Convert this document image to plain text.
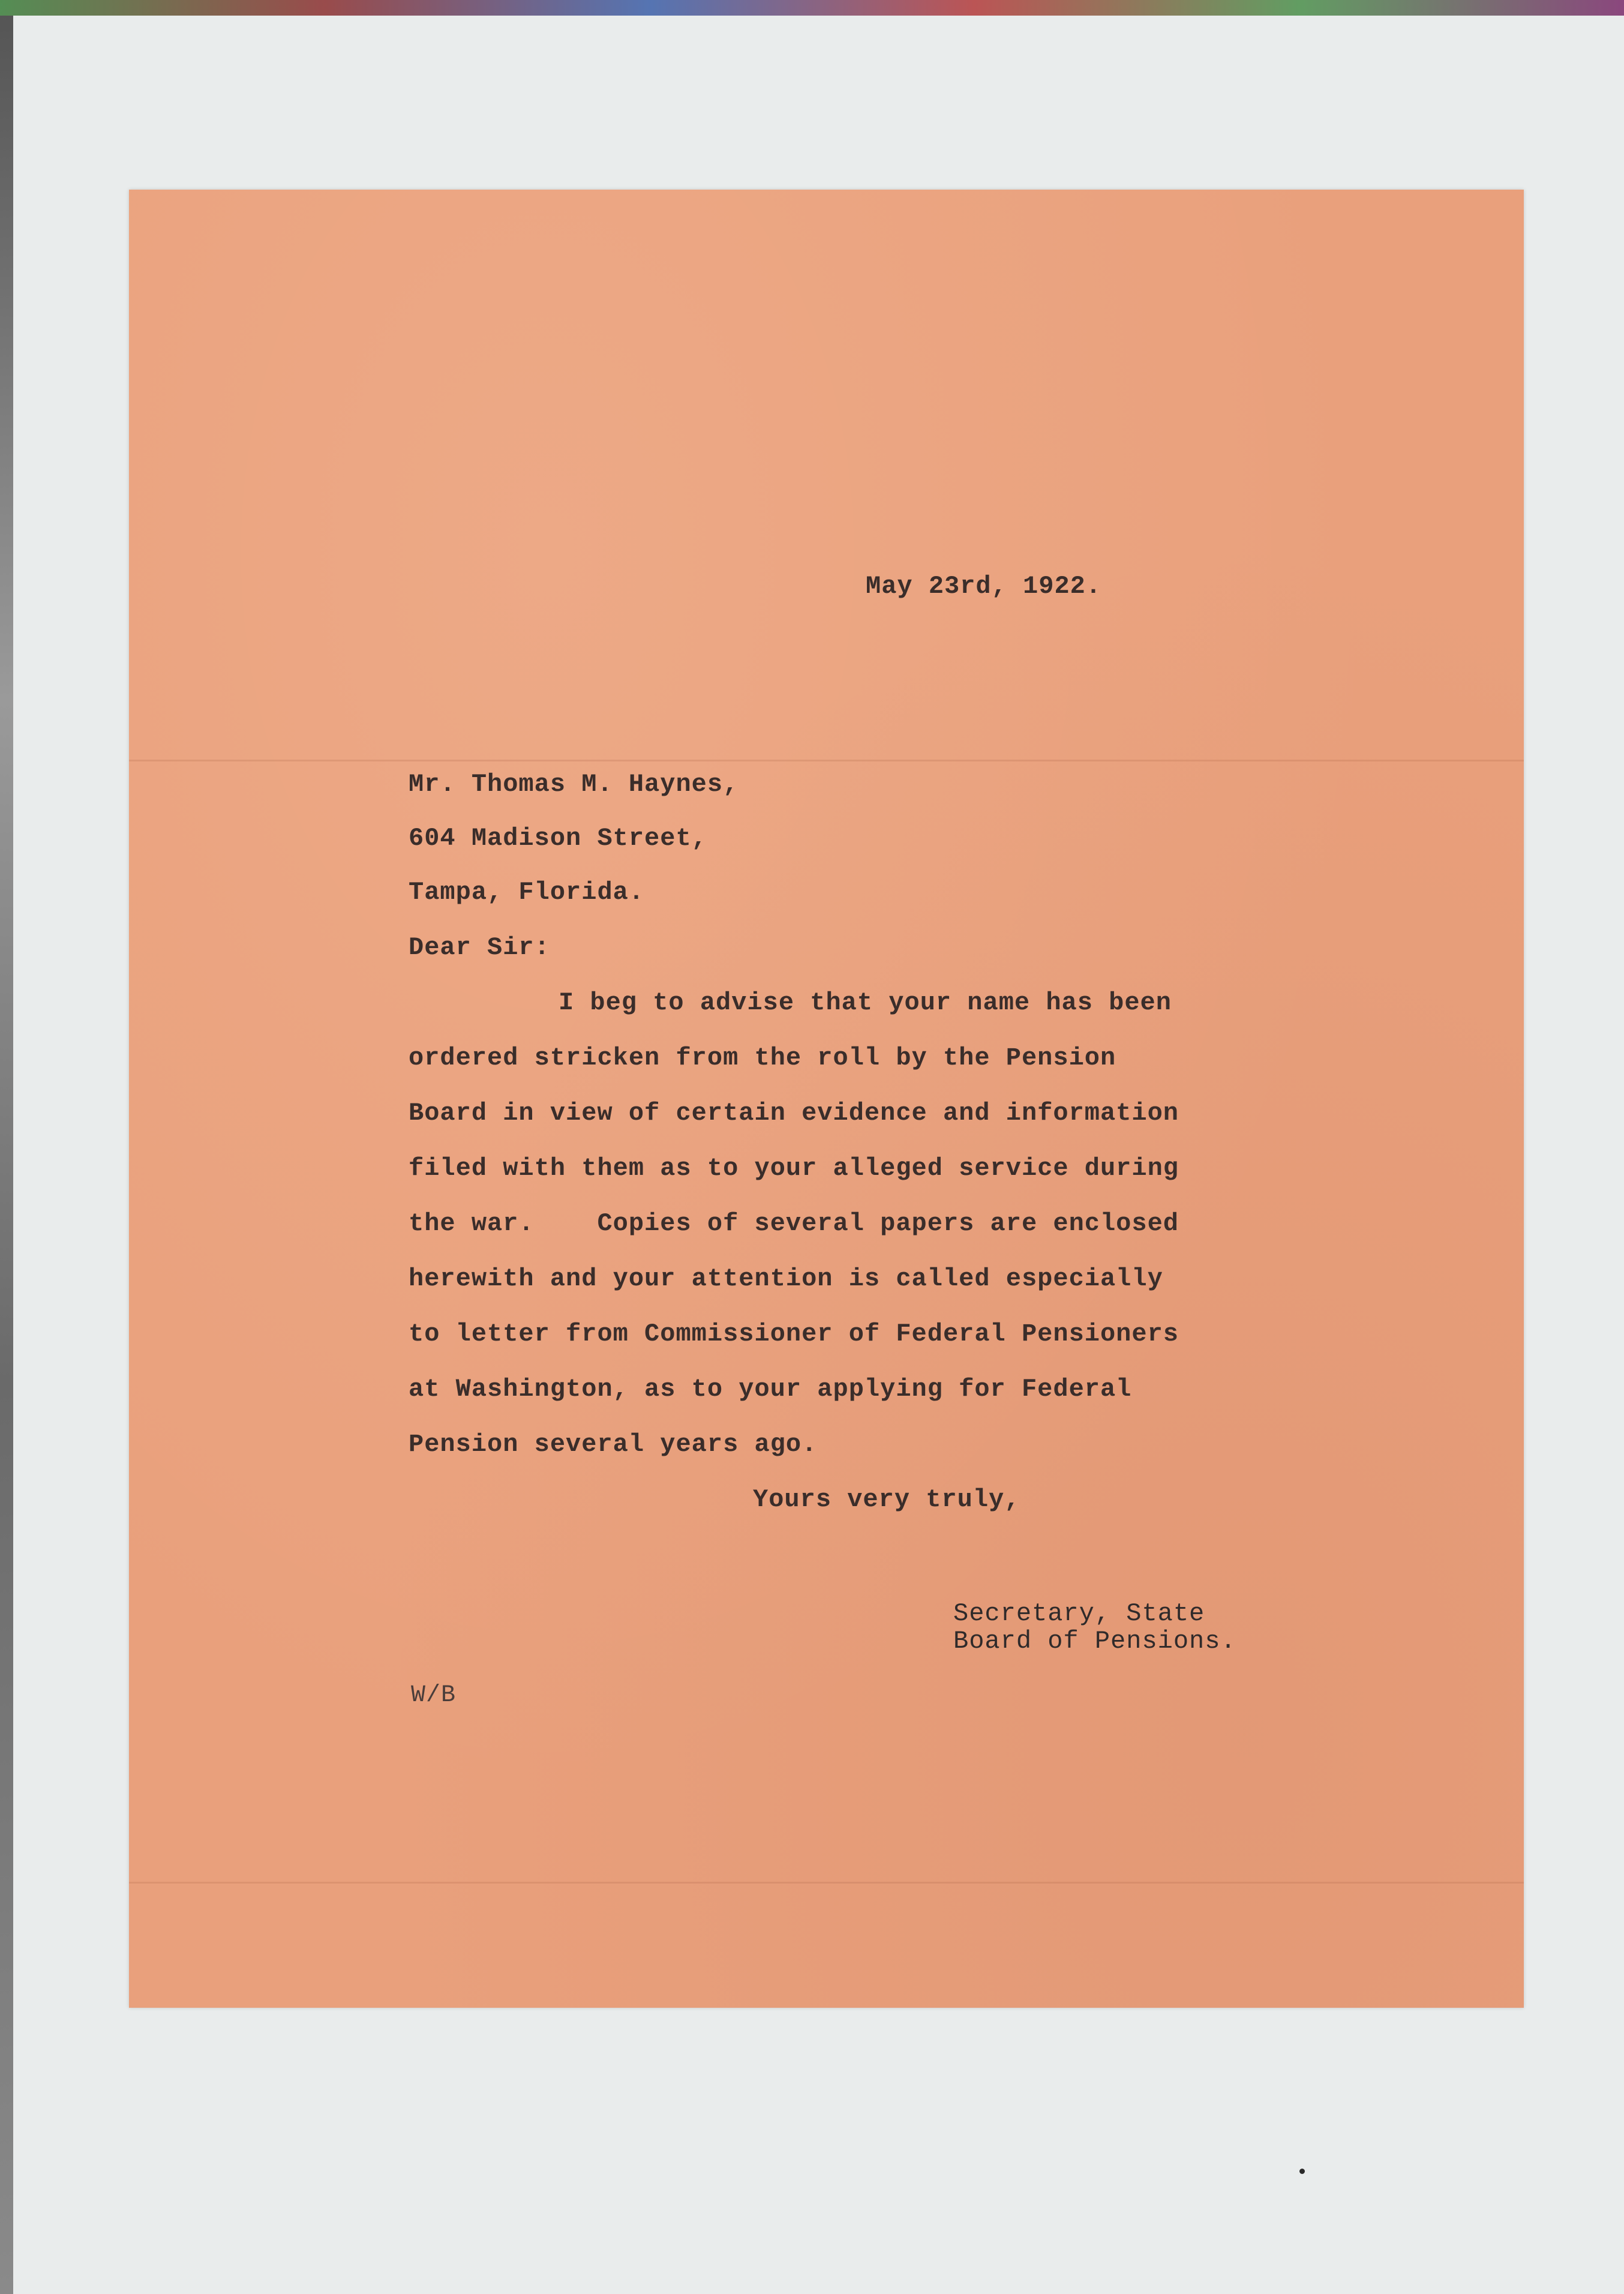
May 23rd, 1922.
Mr. Thomas M. Haynes,
604 Madison Street,
Tampa, Florida.
Dear Sir:
I beg to advise that your name has been
ordered stricken from the roll by the Pension
Board in view of certain evidence and information
filed with them as to your alleged service during
the war.    Copies of several papers are enclosed
herewith and your attention is called especially
to letter from Commissioner of Federal Pensioners
at Washington, as to your applying for Federal
Pension several years ago.
Yours very truly,
Secretary, State
Board of Pensions.
W/B
